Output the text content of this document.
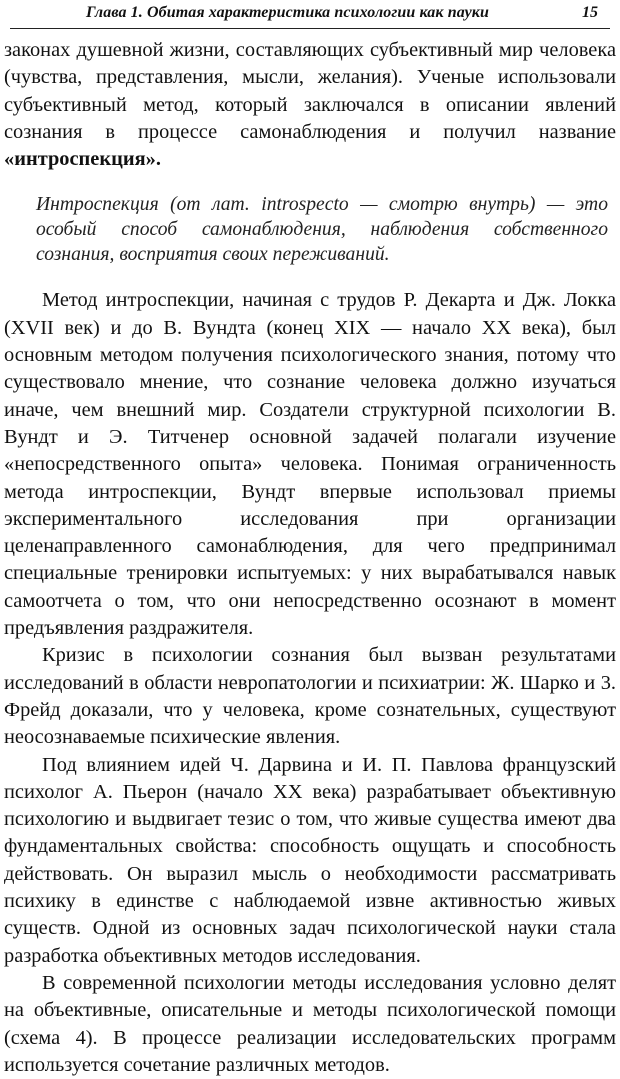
Глава 1. Обитая характеристика психологии как пауки	15

законах душевной жизни, составляющих субъективный мир человека (чувства, представления, мысли, желания). Ученые использовали субъективный метод, который заключался в описании явлений сознания в процессе самонаблюдения и получил название «интроспекция».

Интроспекция (от лат. introspecto — смотрю внутрь) — это особый способ самонаблюдения, наблюдения собственного сознания, восприятия своих переживаний.

Метод интроспекции, начиная с трудов Р. Декарта и Дж. Локка (XVII век) и до В. Вундта (конец XIX — начало XX века), был основным методом получения психологического знания, потому что существовало мнение, что сознание человека должно изучаться иначе, чем внешний мир. Создатели структурной психологии В. Вундт и Э. Титченер основной задачей полагали изучение «непосредственного опыта» человека. Понимая ограниченность метода интроспекции, Вундт впервые использовал приемы экспериментального исследования при организации целенаправленного самонаблюдения, для чего предпринимал специальные тренировки испытуемых: у них вырабатывался навык самоотчета о том, что они непосредственно осознают в момент предъявления раздражителя.

Кризис в психологии сознания был вызван результатами исследований в области невропатологии и психиатрии: Ж. Шарко и 3. Фрейд доказали, что у человека, кроме сознательных, существуют неосознаваемые психические явления.

Под влиянием идей Ч. Дарвина и И. П. Павлова французский психолог А. Пьерон (начало XX века) разрабатывает объективную психологию и выдвигает тезис о том, что живые существа имеют два фундаментальных свойства: способность ощущать и способность действовать. Он выразил мысль о необходимости рассматривать психику в единстве с наблюдаемой извне активностью живых существ. Одной из основных задач психологической науки стала разработка объективных методов исследования.

В современной психологии методы исследования условно делят на объективные, описательные и методы психологической помощи (схема 4). В процессе реализации исследовательских программ используется сочетание различных методов.
